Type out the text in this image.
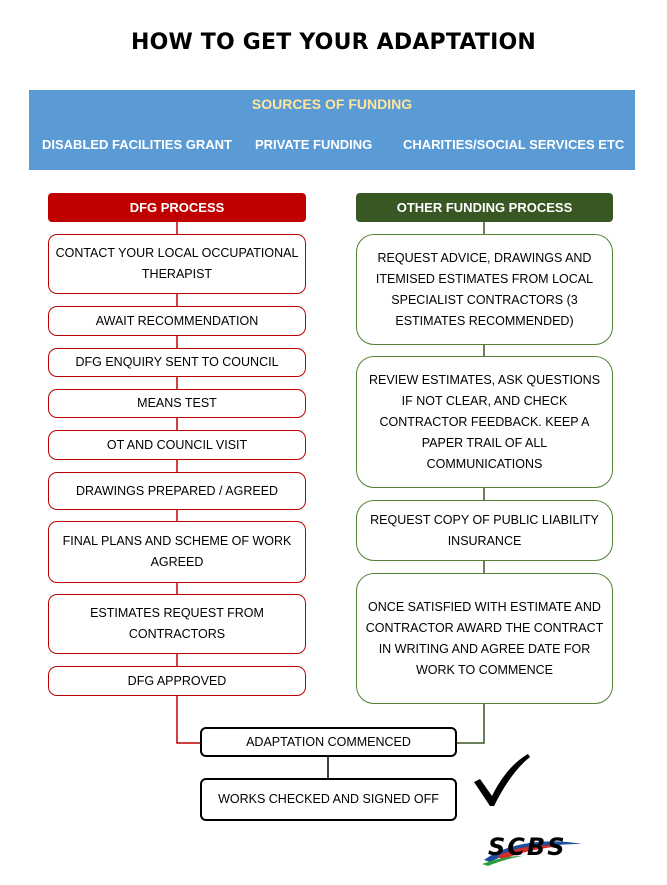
HOW TO GET YOUR ADAPTATION
SOURCES OF FUNDING
DISABLED FACILITIES GRANT PRIVATE FUNDING CHARITIES/SOCIAL SERVICES ETC
DFG PROCESS	OTHER FUNDING PROCESS
CONTACT YOUR LOCAL OCCUPATIONAL THERAPIST
AWAIT RECOMMENDATION
DFG ENQUIRY SENT TO COUNCIL
MEANS TEST
OT AND COUNCIL VISIT
DRAWINGS PREPARED / AGREED
FINAL PLANS AND SCHEME OF WORK AGREED
ESTIMATES REQUEST FROM CONTRACTORS
DFG APPROVED
REQUEST ADVICE, DRAWINGS AND ITEMISED ESTIMATES FROM LOCAL SPECIALIST CONTRACTORS (3 ESTIMATES RECOMMENDED)
REVIEW ESTIMATES, ASK QUESTIONS IF NOT CLEAR, AND CHECK CONTRACTOR FEEDBACK. KEEP A PAPER TRAIL OF ALL COMMUNICATIONS
REQUEST COPY OF PUBLIC LIABILITY INSURANCE
ONCE SATISFIED WITH ESTIMATE AND CONTRACTOR AWARD THE CONTRACT IN WRITING AND AGREE DATE FOR WORK TO COMMENCE
ADAPTATION COMMENCED
WORKS CHECKED AND SIGNED OFF
SCBS
